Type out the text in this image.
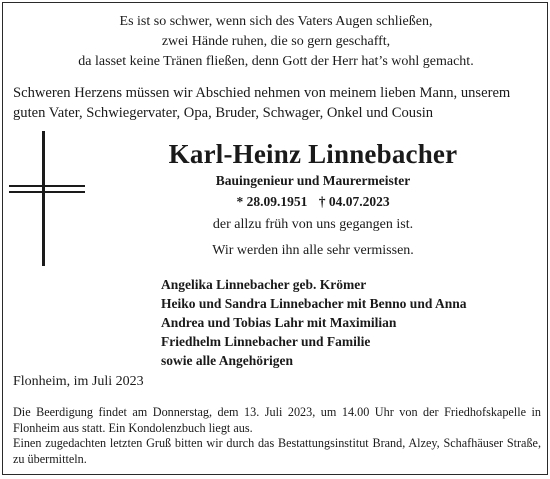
Es ist so schwer, wenn sich des Vaters Augen schließen,
zwei Hände ruhen, die so gern geschafft,
da lasset keine Tränen fließen, denn Gott der Herr hat’s wohl gemacht.
Schweren Herzens müssen wir Abschied nehmen von meinem lieben Mann, unserem
guten Vater, Schwiegervater, Opa, Bruder, Schwager, Onkel und Cousin
Karl-Heinz Linnebacher
Bauingenieur und Maurermeister
* 28.09.1951 † 04.07.2023
der allzu früh von uns gegangen ist.
Wir werden ihn alle sehr vermissen.
Angelika Linnebacher geb. Krömer
Heiko und Sandra Linnebacher mit Benno und Anna
Andrea und Tobias Lahr mit Maximilian
Friedhelm Linnebacher und Familie
sowie alle Angehörigen
Flonheim, im Juli 2023

Die Beerdigung findet am Donnerstag, dem 13. Juli 2023, um 14.00 Uhr von der Friedhofskapelle in Flonheim aus statt. Ein Kondolenzbuch liegt aus.

Einen zugedachten letzten Gruß bitten wir durch das Bestattungsinstitut Brand, Alzey, Schafhäuser Straße, zu übermitteln.
